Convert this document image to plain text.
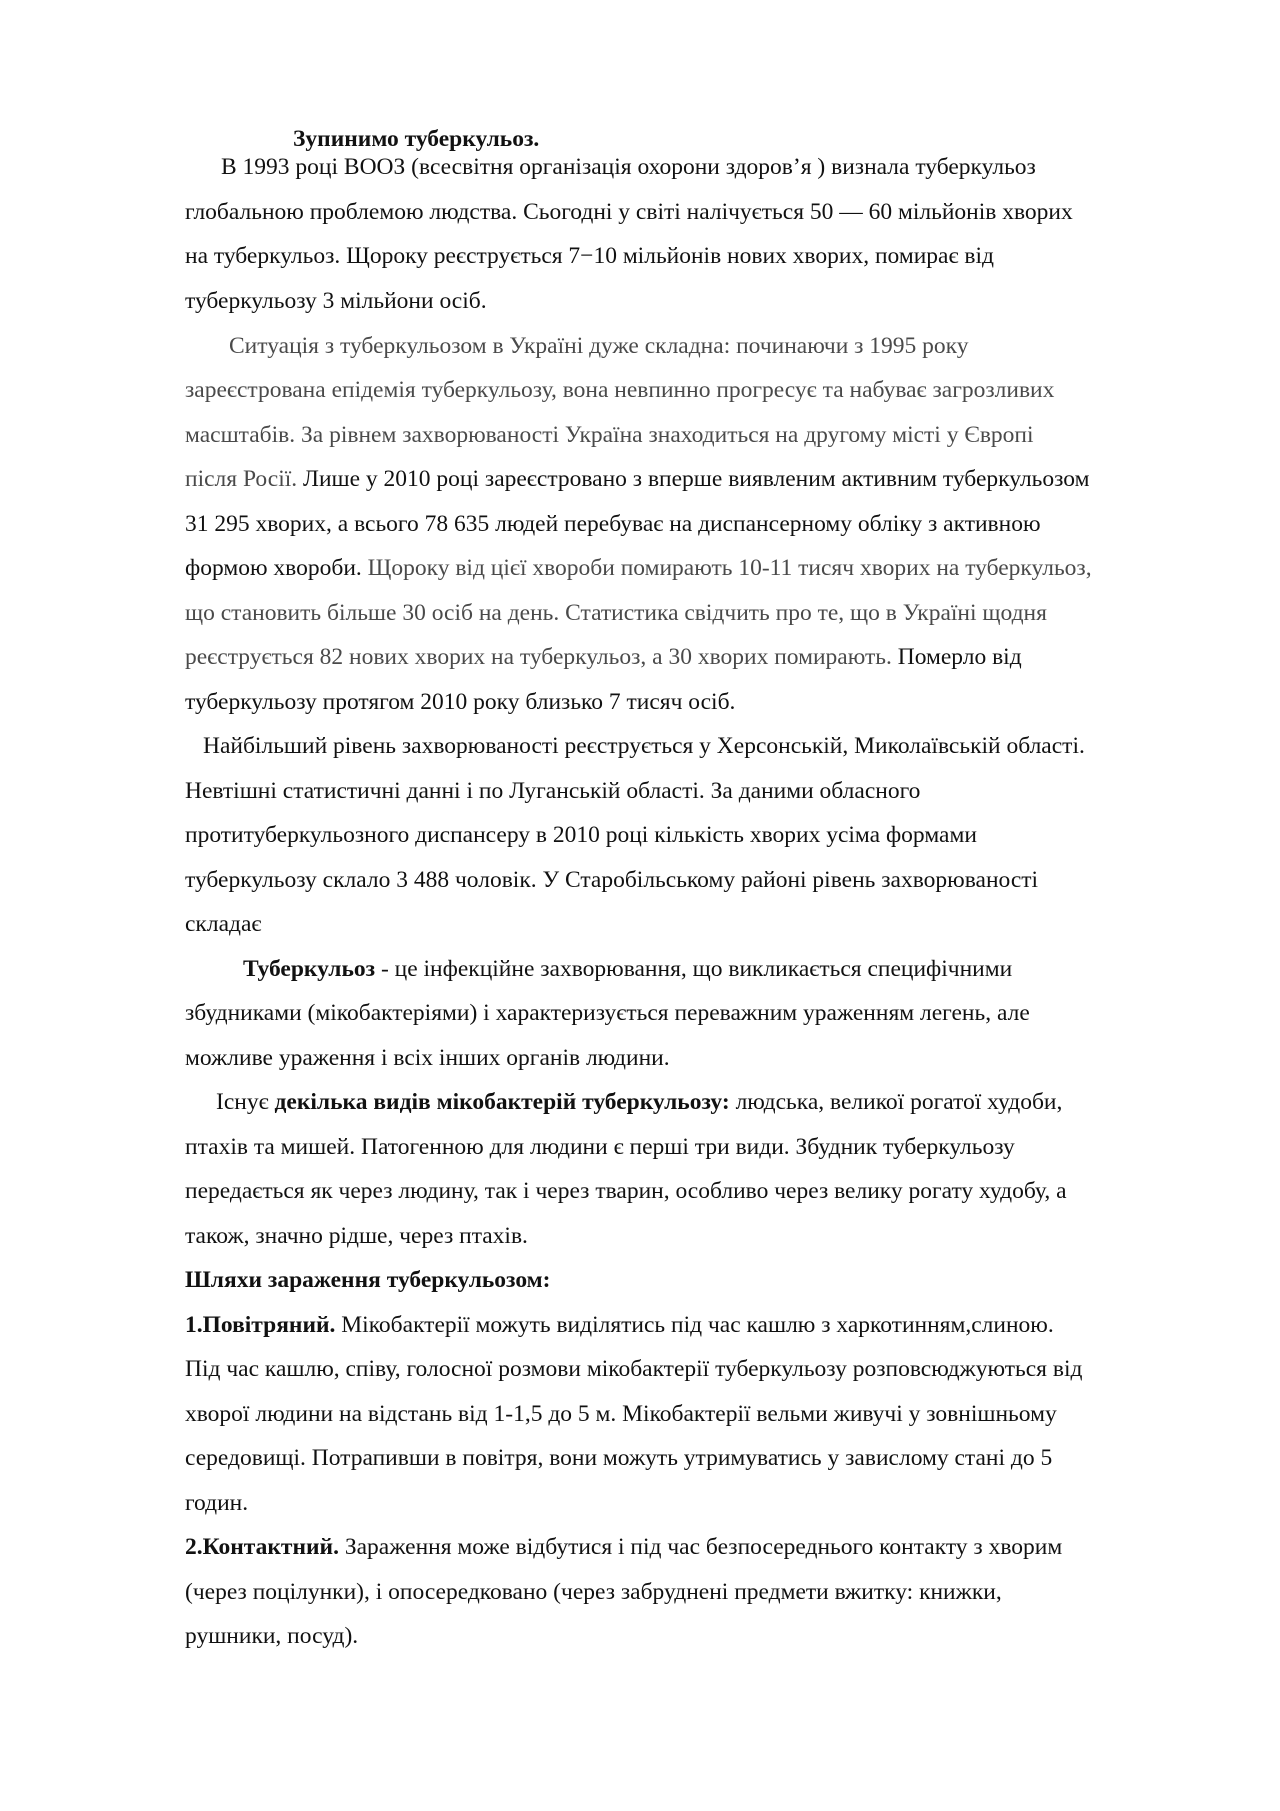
Зупинимо туберкульоз.
В 1993 році ВООЗ (всесвітня організація охорони здоров’я ) визнала туберкульоз
глобальною проблемою людства. Сьогодні у світі налічується 50 — 60 мільйонів хворих
на туберкульоз. Щороку реєструється 7−10 мільйонів нових хворих, помирає від
туберкульозу 3 мільйони осіб.
Ситуація з туберкульозом в Україні дуже складна: починаючи з 1995 року
зареєстрована епідемія туберкульозу, вона невпинно прогресує та набуває загрозливих
масштабів. За рівнем захворюваності Україна знаходиться на другому місті у Європі
після Росії. Лише у 2010 році зареєстровано з вперше виявленим активним туберкульозом
31 295 хворих, а всього 78 635 людей перебуває на диспансерному обліку з активною
формою хвороби. Щороку від цієї хвороби помирають 10-11 тисяч хворих на туберкульоз,
що становить більше 30 осіб на день. Статистика свідчить про те, що в Україні щодня
реєструється 82 нових хворих на туберкульоз, а 30 хворих помирають. Померло від
туберкульозу протягом 2010 року близько 7 тисяч осіб.
Найбільший рівень захворюваності реєструється у Херсонській, Миколаївській області.
Невтішні статистичні данні і по Луганській області. За даними обласного
протитуберкульозного диспансеру в 2010 році кількість хворих усіма формами
туберкульозу склало 3 488 чоловік. У Старобільському районі рівень захворюваності
складає
Туберкульоз - це інфекційне захворювання, що викликається специфічними
збудниками (мікобактеріями) і характеризується переважним ураженням легень, але
можливе ураження і всіх інших органів людини.
Існує декілька видів мікобактерій туберкульозу: людська, великої рогатої худоби,
птахів та мишей. Патогенною для людини є перші три види. Збудник туберкульозу
передається як через людину, так і через тварин, особливо через велику рогату худобу, а
також, значно рідше, через птахів.
Шляхи зараження туберкульозом:
1.Повітряний. Мікобактерії можуть виділятись під час кашлю з харкотинням,слиною.
Під час кашлю, співу, голосної розмови мікобактерії туберкульозу розповсюджуються від
хворої людини на відстань від 1-1,5 до 5 м. Мікобактерії вельми живучі у зовнішньому
середовищі. Потрапивши в повітря, вони можуть утримуватись у завислому стані до 5
годин.
2.Контактний. Зараження може відбутися і під час безпосереднього контакту з хворим
(через поцілунки), і опосередковано (через забруднені предмети вжитку: книжки,
рушники, посуд).
